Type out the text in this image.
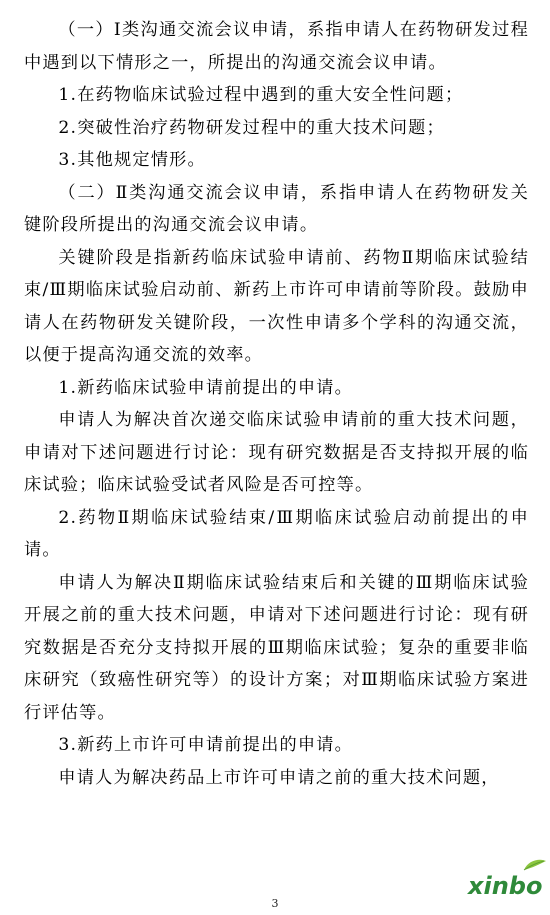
（一）Ⅰ类沟通交流会议申请，系指申请人在药物研发过程中遇到以下情形之一，所提出的沟通交流会议申请。

1.在药物临床试验过程中遇到的重大安全性问题；

2.突破性治疗药物研发过程中的重大技术问题；

3.其他规定情形。

（二）Ⅱ类沟通交流会议申请，系指申请人在药物研发关键阶段所提出的沟通交流会议申请。

关键阶段是指新药临床试验申请前、药物Ⅱ期临床试验结束/Ⅲ期临床试验启动前、新药上市许可申请前等阶段。鼓励申请人在药物研发关键阶段，一次性申请多个学科的沟通交流，以便于提高沟通交流的效率。

1.新药临床试验申请前提出的申请。

申请人为解决首次递交临床试验申请前的重大技术问题，申请对下述问题进行讨论：现有研究数据是否支持拟开展的临床试验；临床试验受试者风险是否可控等。

2.药物Ⅱ期临床试验结束/Ⅲ期临床试验启动前提出的申请。

申请人为解决Ⅱ期临床试验结束后和关键的Ⅲ期临床试验开展之前的重大技术问题，申请对下述问题进行讨论：现有研究数据是否充分支持拟开展的Ⅲ期临床试验；复杂的重要非临床研究（致癌性研究等）的设计方案；对Ⅲ期临床试验方案进行评估等。

3.新药上市许可申请前提出的申请。

申请人为解决药品上市许可申请之前的重大技术问题，

3
xinbo
